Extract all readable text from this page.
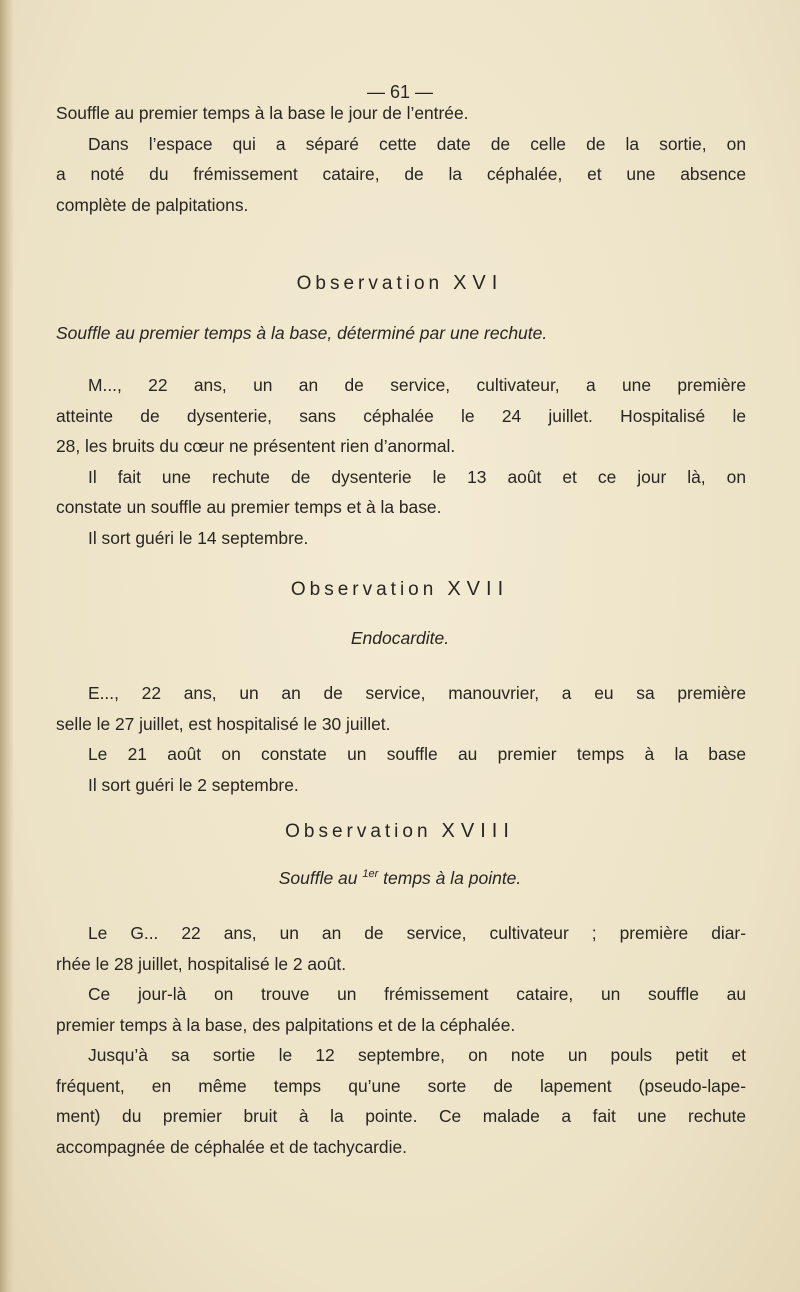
— 61 —
Souffle au premier temps à la base le jour de l’entrée.
Dans l’espace qui a séparé cette date de celle de la sortie, on
a noté du frémissement cataire, de la céphalée, et une absence
complète de palpitations.
Observation XVI
Souffle au premier temps à la base, déterminé par une rechute.
M..., 22 ans, un an de service, cultivateur, a une première
atteinte de dysenterie, sans céphalée le 24 juillet. Hospitalisé le
28, les bruits du cœur ne présentent rien d’anormal.
Il fait une rechute de dysenterie le 13 août et ce jour là, on
constate un souffle au premier temps et à la base.
Il sort guéri le 14 septembre.
Observation XVII
Endocardite.
E..., 22 ans, un an de service, manouvrier, a eu sa première
selle le 27 juillet, est hospitalisé le 30 juillet.
Le 21 août on constate un souffle au premier temps à la base
Il sort guéri le 2 septembre.
Observation XVIII
Souffle au $^{1er}$ temps à la pointe.
Le G... 22 ans, un an de service, cultivateur ; première diar-
rhée le 28 juillet, hospitalisé le 2 août.
Ce jour-là on trouve un frémissement cataire, un souffle au
premier temps à la base, des palpitations et de la céphalée.
Jusqu’à sa sortie le 12 septembre, on note un pouls petit et
fréquent, en même temps qu’une sorte de lapement (pseudo-lape-
ment) du premier bruit à la pointe. Ce malade a fait une rechute
accompagnée de céphalée et de tachycardie.
